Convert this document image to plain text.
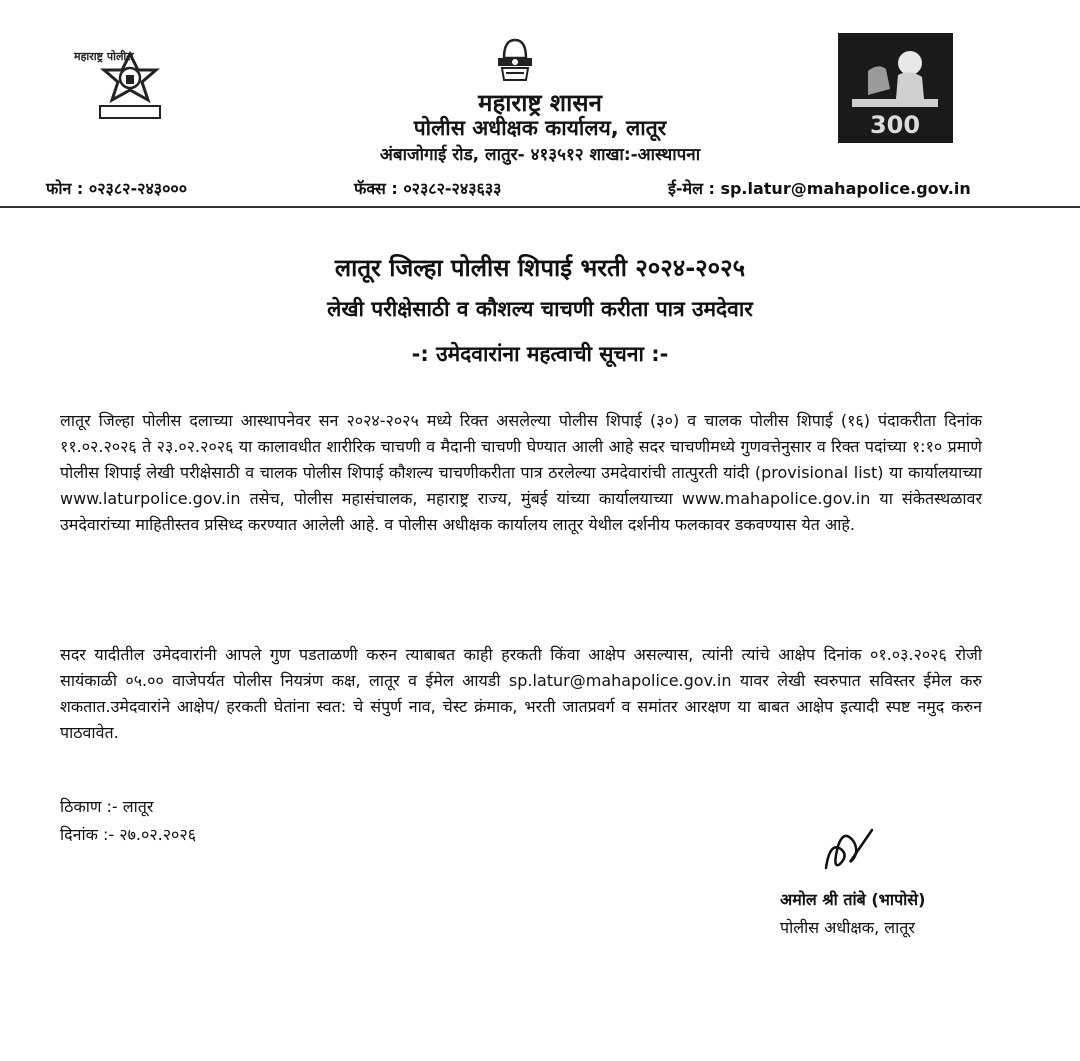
महाराष्ट्र पोलीस
300
महाराष्ट्र शासन
पोलीस अधीक्षक कार्यालय, लातूर
अंबाजोगाई रोड, लातुर- ४१३५१२ शाखा:-आस्थापना
फोन : ०२३८२-२४३०००	फॅक्स : ०२३८२-२४३६३३	ई-मेल : sp.latur@mahapolice.gov.in
लातूर जिल्हा पोलीस शिपाई भरती २०२४-२०२५
लेखी परीक्षेसाठी व कौशल्य चाचणी करीता पात्र उमदेवार
-: उमेदवारांना महत्वाची सूचना :-
लातूर जिल्हा पोलीस दलाच्या आस्थापनेवर सन २०२४-२०२५ मध्ये रिक्त असलेल्या पोलीस शिपाई (३०) व चालक पोलीस शिपाई (१६) पंदाकरीता दिनांक ११.०२.२०२६ ते २३.०२.२०२६ या कालावधीत शारीरिक चाचणी व मैदानी चाचणी घेण्यात आली आहे सदर चाचणीमध्ये गुणवत्तेनुसार व रिक्त पदांच्या १:१० प्रमाणे पोलीस शिपाई लेखी परीक्षेसाठी व चालक पोलीस शिपाई कौशल्य चाचणीकरीता पात्र ठरलेल्या उमदेवारांची तात्पुरती यांदी (provisional list) या कार्यालयाच्या www.laturpolice.gov.in तसेच, पोलीस महासंचालक, महाराष्ट्र राज्य, मुंबई यांच्या कार्यालयाच्या www.mahapolice.gov.in या संकेतस्थळावर उमदेवारांच्या माहितीस्तव प्रसिध्द करण्यात आलेली आहे. व पोलीस अधीक्षक कार्यालय लातूर येथील दर्शनीय फलकावर डकवण्यास येत आहे.
सदर यादीतील उमेदवारांनी आपले गुण पडताळणी करुन त्याबाबत काही हरकती किंवा आक्षेप असल्यास, त्यांनी त्यांचे आक्षेप दिनांक ०१.०३.२०२६ रोजी सायंकाळी ०५.०० वाजेपर्यत पोलीस नियत्रंण कक्ष, लातूर व ईमेल आयडी sp.latur@mahapolice.gov.in यावर लेखी स्वरुपात सविस्तर ईमेल करु शकतात.उमेदवारांने आक्षेप/ हरकती घेतांना स्वत: चे संपुर्ण नाव, चेस्ट क्रंमाक, भरती जातप्रवर्ग व समांतर आरक्षण या बाबत आक्षेप इत्यादी स्पष्ट नमुद करुन पाठवावेत.
ठिकाण :- लातूर
दिनांक :- २७.०२.२०२६
अमोल श्री तांबे (भापोसे)
पोलीस अधीक्षक, लातूर
